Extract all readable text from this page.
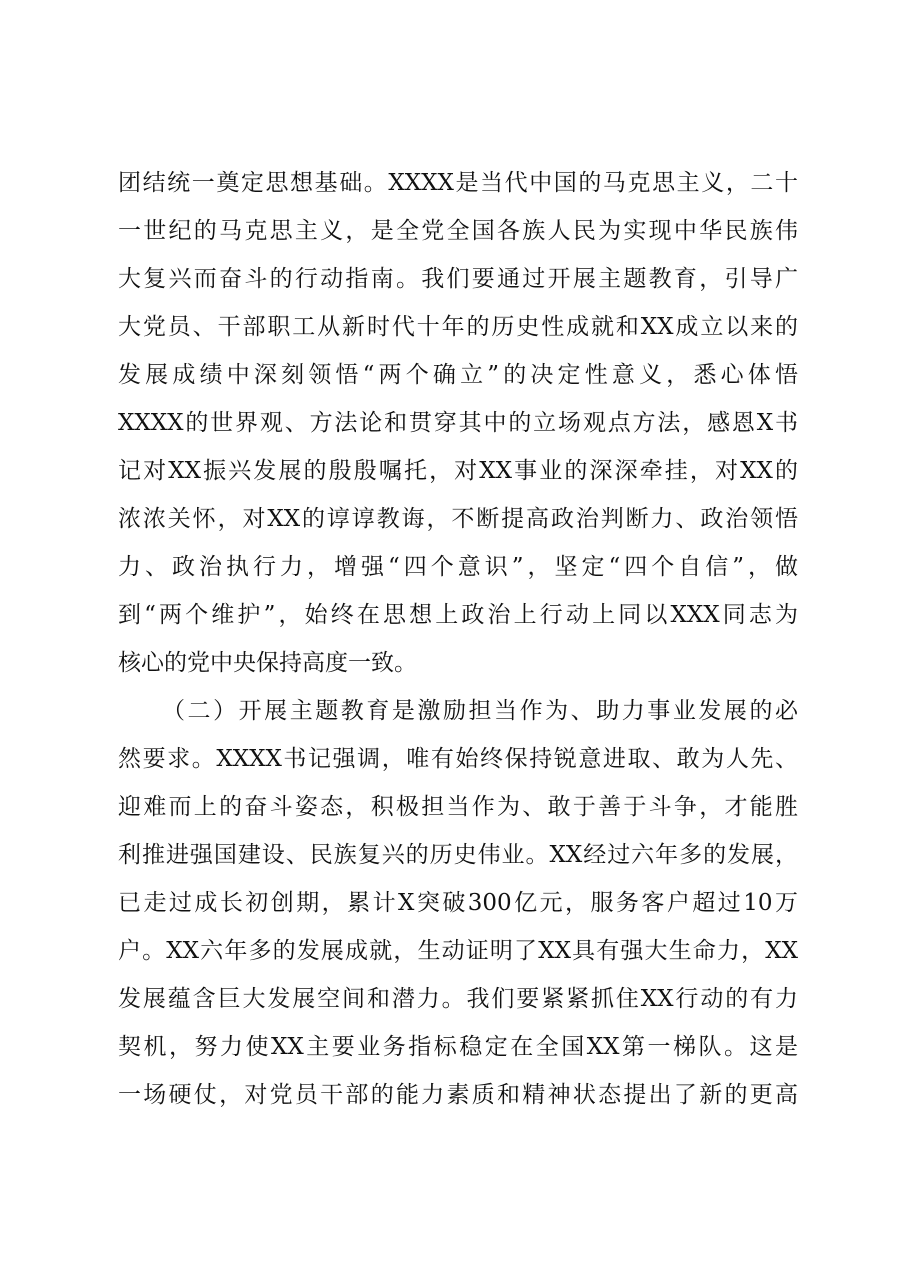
团结统一奠定思想基础。XXXX是当代中国的马克思主义，二十
一世纪的马克思主义，是全党全国各族人民为实现中华民族伟
大复兴而奋斗的行动指南。我们要通过开展主题教育，引导广
大党员、干部职工从新时代十年的历史性成就和XX成立以来的
发展成绩中深刻领悟“两个确立”的决定性意义，悉心体悟
XXXX的世界观、方法论和贯穿其中的立场观点方法，感恩X书
记对XX振兴发展的殷殷嘱托，对XX事业的深深牵挂，对XX的
浓浓关怀，对XX的谆谆教诲，不断提高政治判断力、政治领悟
力、政治执行力，增强“四个意识”，坚定“四个自信”，做
到“两个维护”，始终在思想上政治上行动上同以XXX同志为
核心的党中央保持高度一致。
（二）开展主题教育是激励担当作为、助力事业发展的必
然要求。XXXX书记强调，唯有始终保持锐意进取、敢为人先、
迎难而上的奋斗姿态，积极担当作为、敢于善于斗争，才能胜
利推进强国建设、民族复兴的历史伟业。XX经过六年多的发展，
已走过成长初创期，累计X突破300亿元，服务客户超过10万
户。XX六年多的发展成就，生动证明了XX具有强大生命力，XX
发展蕴含巨大发展空间和潜力。我们要紧紧抓住XX行动的有力
契机，努力使XX主要业务指标稳定在全国XX第一梯队。这是
一场硬仗，对党员干部的能力素质和精神状态提出了新的更高
